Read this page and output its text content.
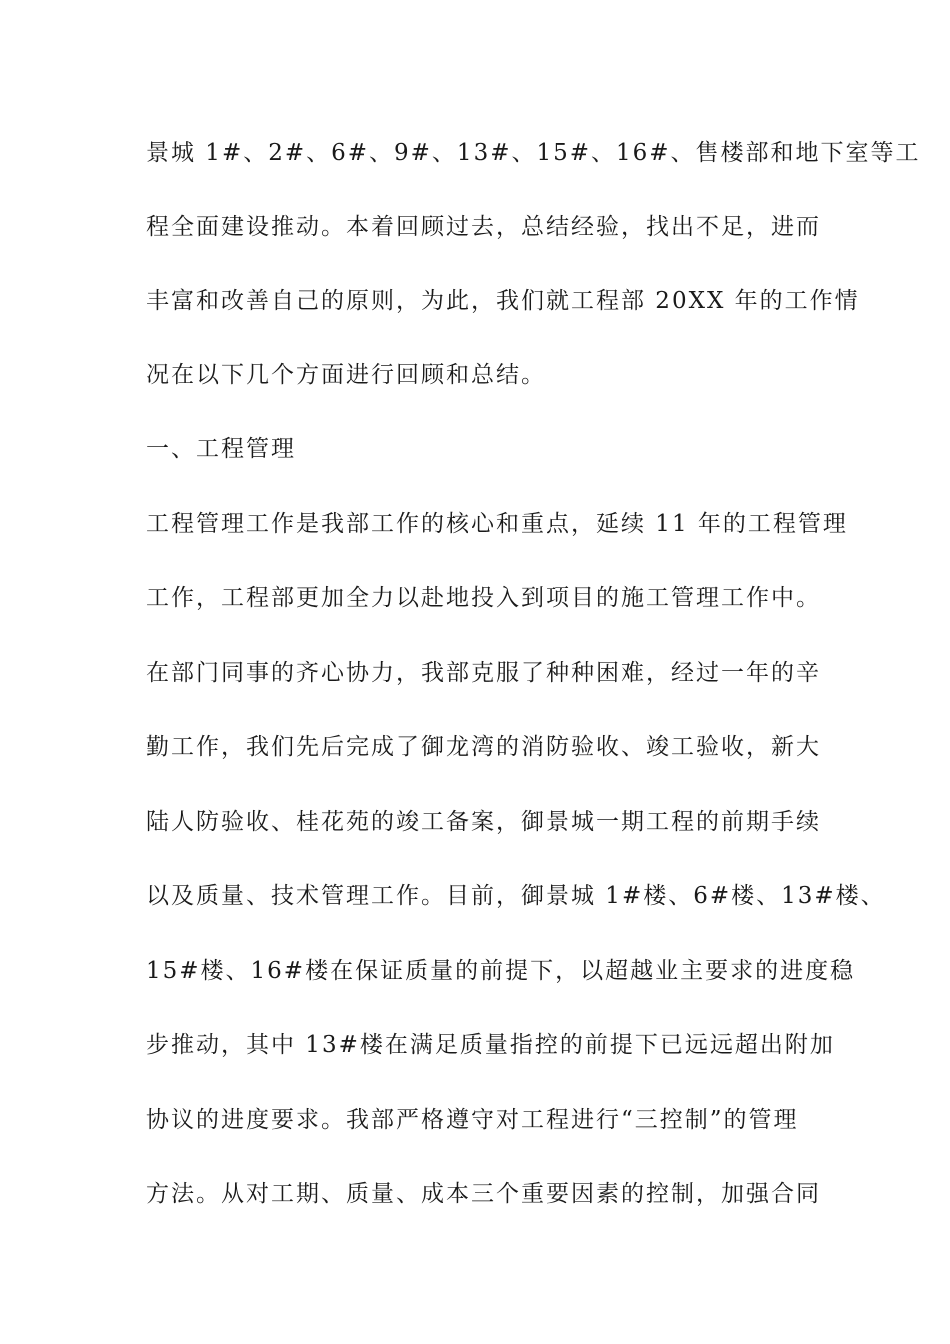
景城 1#、2#、6#、9#、13#、15#、16#、售楼部和地下室等工
程全面建设推动。本着回顾过去，总结经验，找出不足，进而
丰富和改善自己的原则，为此，我们就工程部 20XX 年的工作情
况在以下几个方面进行回顾和总结。
一、工程管理
工程管理工作是我部工作的核心和重点，延续 11 年的工程管理
工作，工程部更加全力以赴地投入到项目的施工管理工作中。
在部门同事的齐心协力，我部克服了种种困难，经过一年的辛
勤工作，我们先后完成了御龙湾的消防验收、竣工验收，新大
陆人防验收、桂花苑的竣工备案，御景城一期工程的前期手续
以及质量、技术管理工作。目前，御景城 1#楼、6#楼、13#楼、
15#楼、16#楼在保证质量的前提下，以超越业主要求的进度稳
步推动，其中 13#楼在满足质量指控的前提下已远远超出附加
协议的进度要求。我部严格遵守对工程进行“三控制”的管理
方法。从对工期、质量、成本三个重要因素的控制，加强合同
